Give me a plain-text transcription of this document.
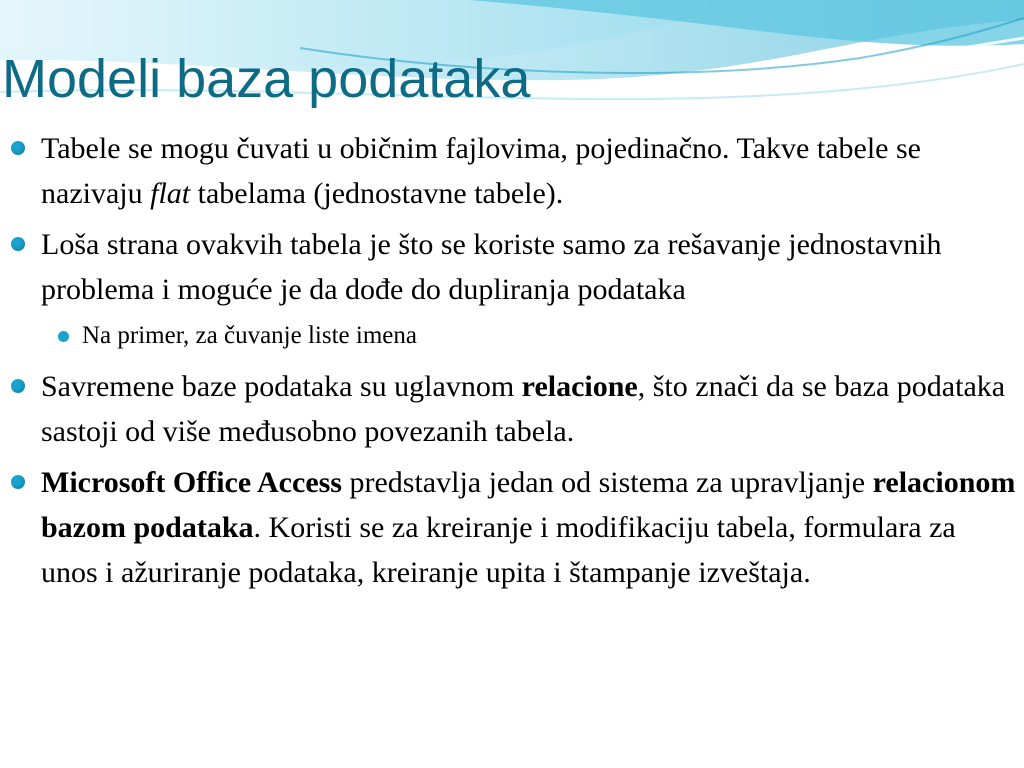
Modeli baza podataka
Tabele se mogu čuvati u običnim fajlovima, pojedinačno. Takve tabele se nazivaju flat tabelama (jednostavne tabele).
Loša strana ovakvih tabela je što se koriste samo za rešavanje jednostavnih problema i moguće je da dođe do dupliranja podataka
Na primer, za čuvanje liste imena
Savremene baze podataka su uglavnom relacione, što znači da se baza podataka sastoji od više međusobno povezanih tabela.
Microsoft Office Access predstavlja jedan od sistema za upravljanje relacionom bazom podataka. Koristi se za kreiranje i modifikaciju tabela, formulara za unos i ažuriranje podataka, kreiranje upita i štampanje izveštaja.
